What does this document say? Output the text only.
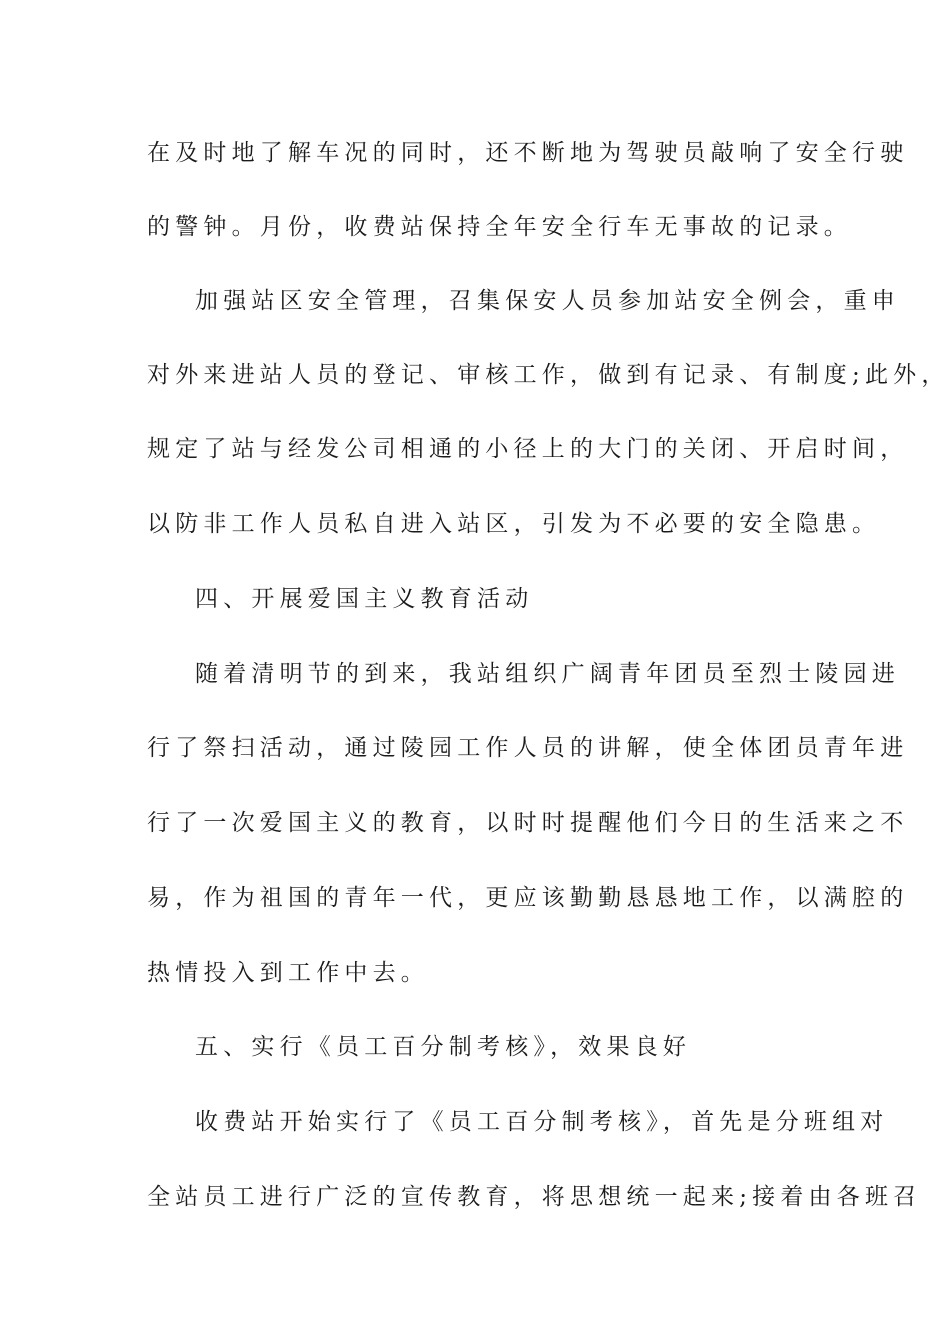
在及时地了解车况的同时，还不断地为驾驶员敲响了安全行驶
的警钟。月份，收费站保持全年安全行车无事故的记录。
加强站区安全管理，召集保安人员参加站安全例会，重申
对外来进站人员的登记、审核工作，做到有记录、有制度;此外，
规定了站与经发公司相通的小径上的大门的关闭、开启时间，
以防非工作人员私自进入站区，引发为不必要的安全隐患。
四、开展爱国主义教育活动
随着清明节的到来，我站组织广阔青年团员至烈士陵园进
行了祭扫活动，通过陵园工作人员的讲解，使全体团员青年进
行了一次爱国主义的教育，以时时提醒他们今日的生活来之不
易，作为祖国的青年一代，更应该勤勤恳恳地工作，以满腔的
热情投入到工作中去。
五、实行《员工百分制考核》，效果良好
收费站开始实行了《员工百分制考核》，首先是分班组对
全站员工进行广泛的宣传教育，将思想统一起来;接着由各班召
